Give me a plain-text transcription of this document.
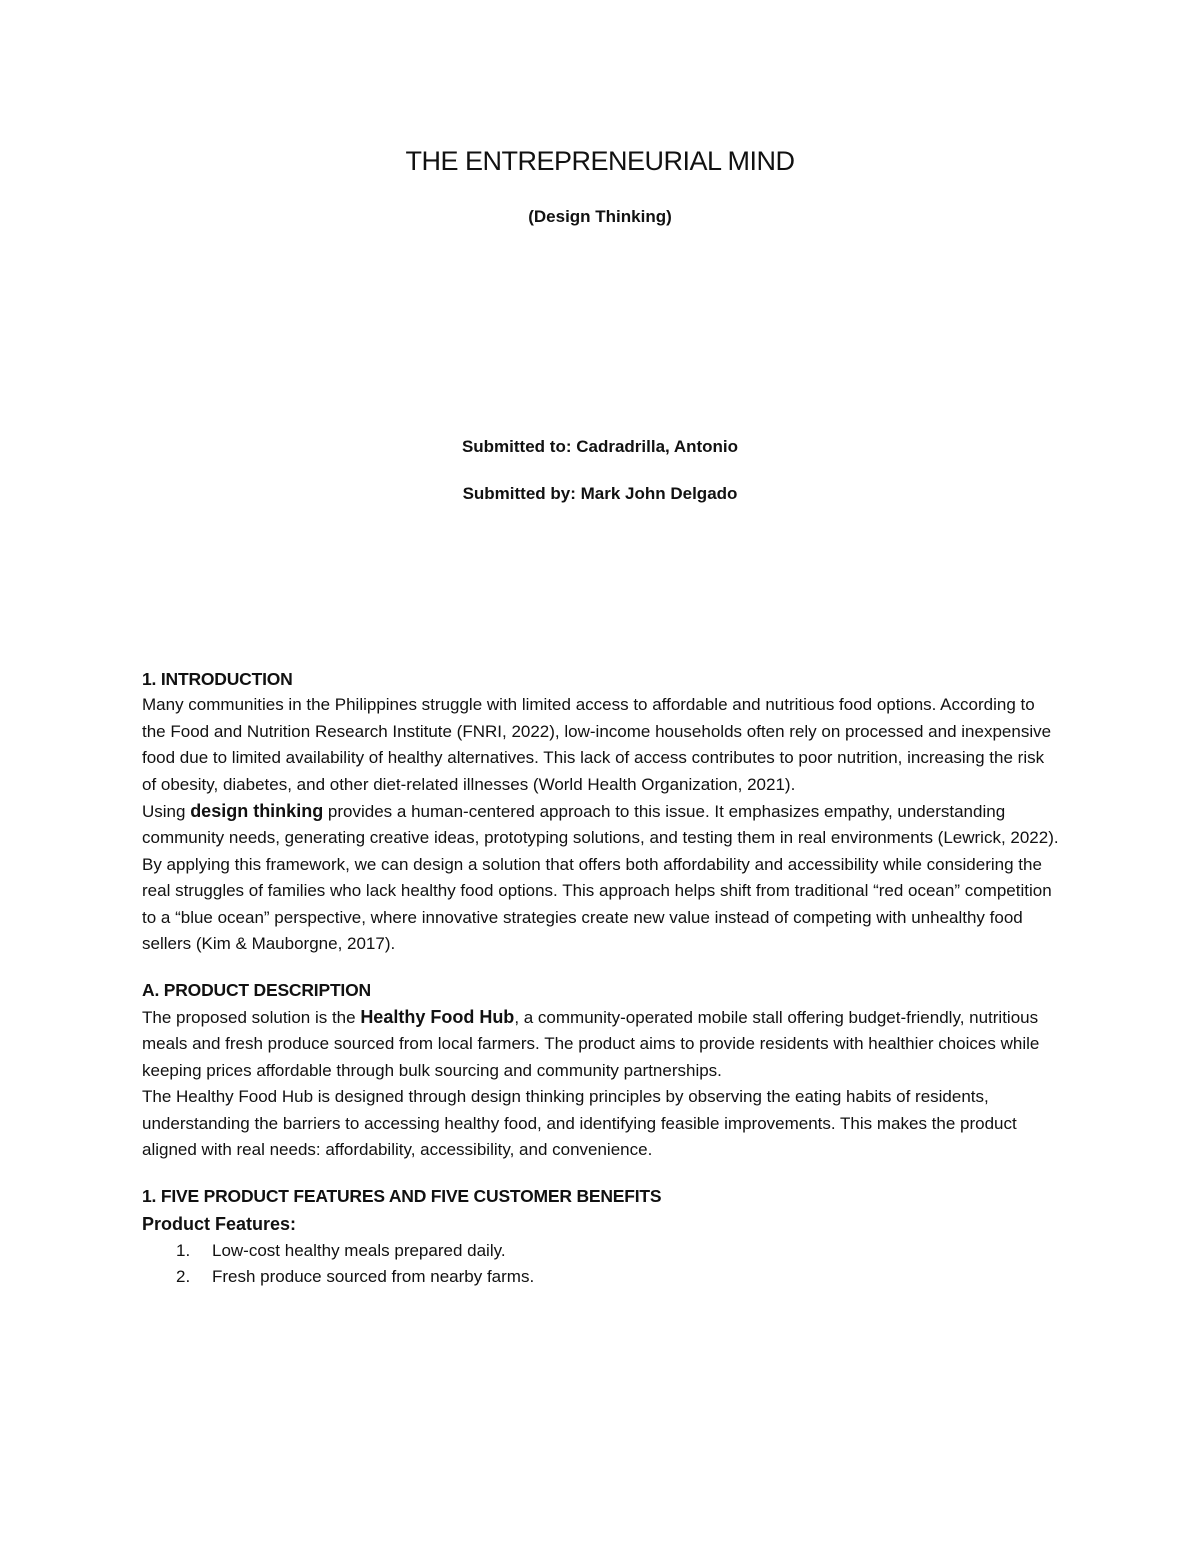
THE ENTREPRENEURIAL MIND

(Design Thinking)

Submitted to: Cadradrilla, Antonio

Submitted by: Mark John Delgado

1. INTRODUCTION

Many communities in the Philippines struggle with limited access to affordable and nutritious food options. According to the Food and Nutrition Research Institute (FNRI, 2022), low-income households often rely on processed and inexpensive food due to limited availability of healthy alternatives. This lack of access contributes to poor nutrition, increasing the risk of obesity, diabetes, and other diet-related illnesses (World Health Organization, 2021).

Using design thinking provides a human-centered approach to this issue. It emphasizes empathy, understanding community needs, generating creative ideas, prototyping solutions, and testing them in real environments (Lewrick, 2022). By applying this framework, we can design a solution that offers both affordability and accessibility while considering the real struggles of families who lack healthy food options. This approach helps shift from traditional “red ocean” competition to a “blue ocean” perspective, where innovative strategies create new value instead of competing with unhealthy food sellers (Kim & Mauborgne, 2017).

A. PRODUCT DESCRIPTION

The proposed solution is the Healthy Food Hub, a community-operated mobile stall offering budget-friendly, nutritious meals and fresh produce sourced from local farmers. The product aims to provide residents with healthier choices while keeping prices affordable through bulk sourcing and community partnerships.

The Healthy Food Hub is designed through design thinking principles by observing the eating habits of residents, understanding the barriers to accessing healthy food, and identifying feasible improvements. This makes the product aligned with real needs: affordability, accessibility, and convenience.

1. FIVE PRODUCT FEATURES AND FIVE CUSTOMER BENEFITS

Product Features:

1. Low-cost healthy meals prepared daily.
2. Fresh produce sourced from nearby farms.
